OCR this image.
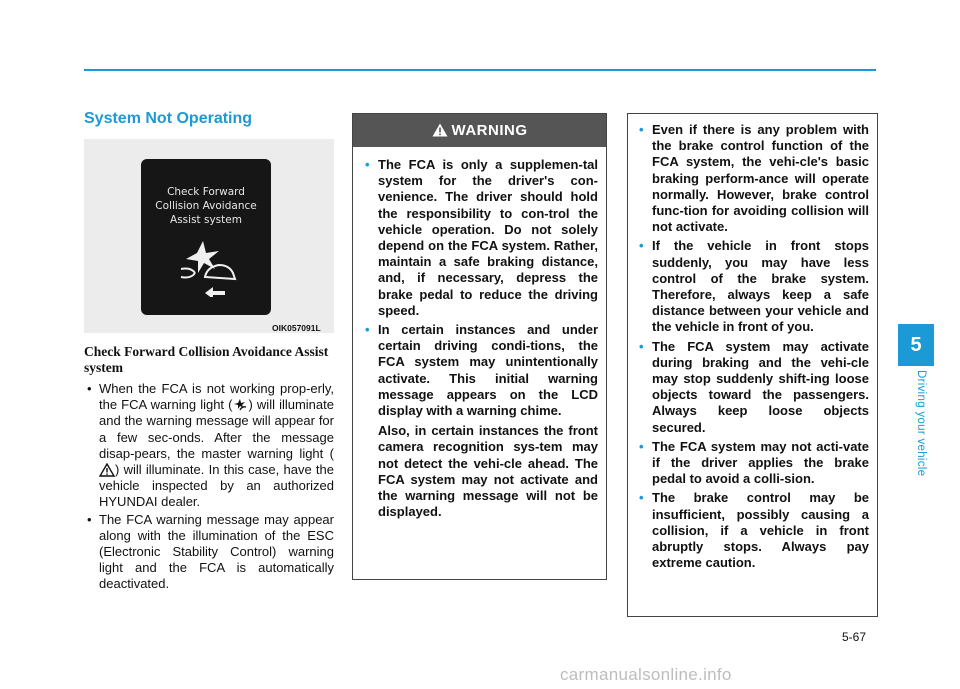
System Not Operating
Check Forward
Collision Avoidance
Assist system
OIK057091L
Check Forward Collision Avoidance Assist system
• When the FCA is not working prop-erly, the FCA warning light ( ) will illuminate and the warning message will appear for a few sec-onds. After the message disap-pears, the master warning light () will illuminate. In this case, have the vehicle inspected by an authorized HYUNDAI dealer.
• The FCA warning message may appear along with the illumination of the ESC (Electronic Stability Control) warning light and the FCA is automatically deactivated.
WARNING
• The FCA is only a supplemen-tal system for the driver's con-venience. The driver should hold the responsibility to con-trol the vehicle operation. Do not solely depend on the FCA system. Rather, maintain a safe braking distance, and, if necessary, depress the brake pedal to reduce the driving speed.
• In certain instances and under certain driving condi-tions, the FCA system may unintentionally activate. This initial warning message appears on the LCD display with a warning chime.

Also, in certain instances the front camera recognition sys-tem may not detect the vehi-cle ahead. The FCA system may not activate and the warning message will not be displayed.

• Even if there is any problem with the brake control function of the FCA system, the vehi-cle's basic braking perform-ance will operate normally. However, brake control func-tion for avoiding collision will not activate.
• If the vehicle in front stops suddenly, you may have less control of the brake system. Therefore, always keep a safe distance between your vehicle and the vehicle in front of you.
• The FCA system may activate during braking and the vehi-cle may stop suddenly shift-ing loose objects toward the passengers. Always keep loose objects secured.
• The FCA system may not acti-vate if the driver applies the brake pedal to avoid a colli-sion.
• The brake control may be insufficient, possibly causing a collision, if a vehicle in front abruptly stops. Always pay extreme caution.
5
Driving your vehicle
5-67
carmanualsonline.info
